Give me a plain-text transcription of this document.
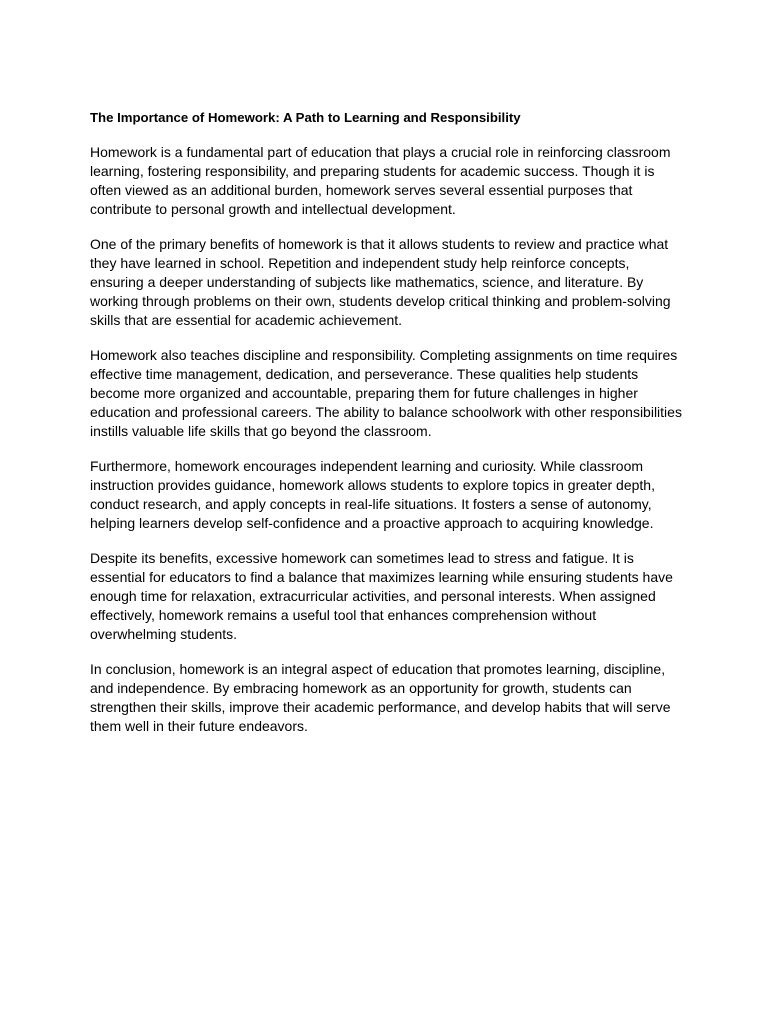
The Importance of Homework: A Path to Learning and Responsibility
Homework is a fundamental part of education that plays a crucial role in reinforcing classroom
learning, fostering responsibility, and preparing students for academic success. Though it is
often viewed as an additional burden, homework serves several essential purposes that
contribute to personal growth and intellectual development.
One of the primary benefits of homework is that it allows students to review and practice what
they have learned in school. Repetition and independent study help reinforce concepts,
ensuring a deeper understanding of subjects like mathematics, science, and literature. By
working through problems on their own, students develop critical thinking and problem-solving
skills that are essential for academic achievement.
Homework also teaches discipline and responsibility. Completing assignments on time requires
effective time management, dedication, and perseverance. These qualities help students
become more organized and accountable, preparing them for future challenges in higher
education and professional careers. The ability to balance schoolwork with other responsibilities
instills valuable life skills that go beyond the classroom.
Furthermore, homework encourages independent learning and curiosity. While classroom
instruction provides guidance, homework allows students to explore topics in greater depth,
conduct research, and apply concepts in real-life situations. It fosters a sense of autonomy,
helping learners develop self-confidence and a proactive approach to acquiring knowledge.
Despite its benefits, excessive homework can sometimes lead to stress and fatigue. It is
essential for educators to find a balance that maximizes learning while ensuring students have
enough time for relaxation, extracurricular activities, and personal interests. When assigned
effectively, homework remains a useful tool that enhances comprehension without
overwhelming students.
In conclusion, homework is an integral aspect of education that promotes learning, discipline,
and independence. By embracing homework as an opportunity for growth, students can
strengthen their skills, improve their academic performance, and develop habits that will serve
them well in their future endeavors.
